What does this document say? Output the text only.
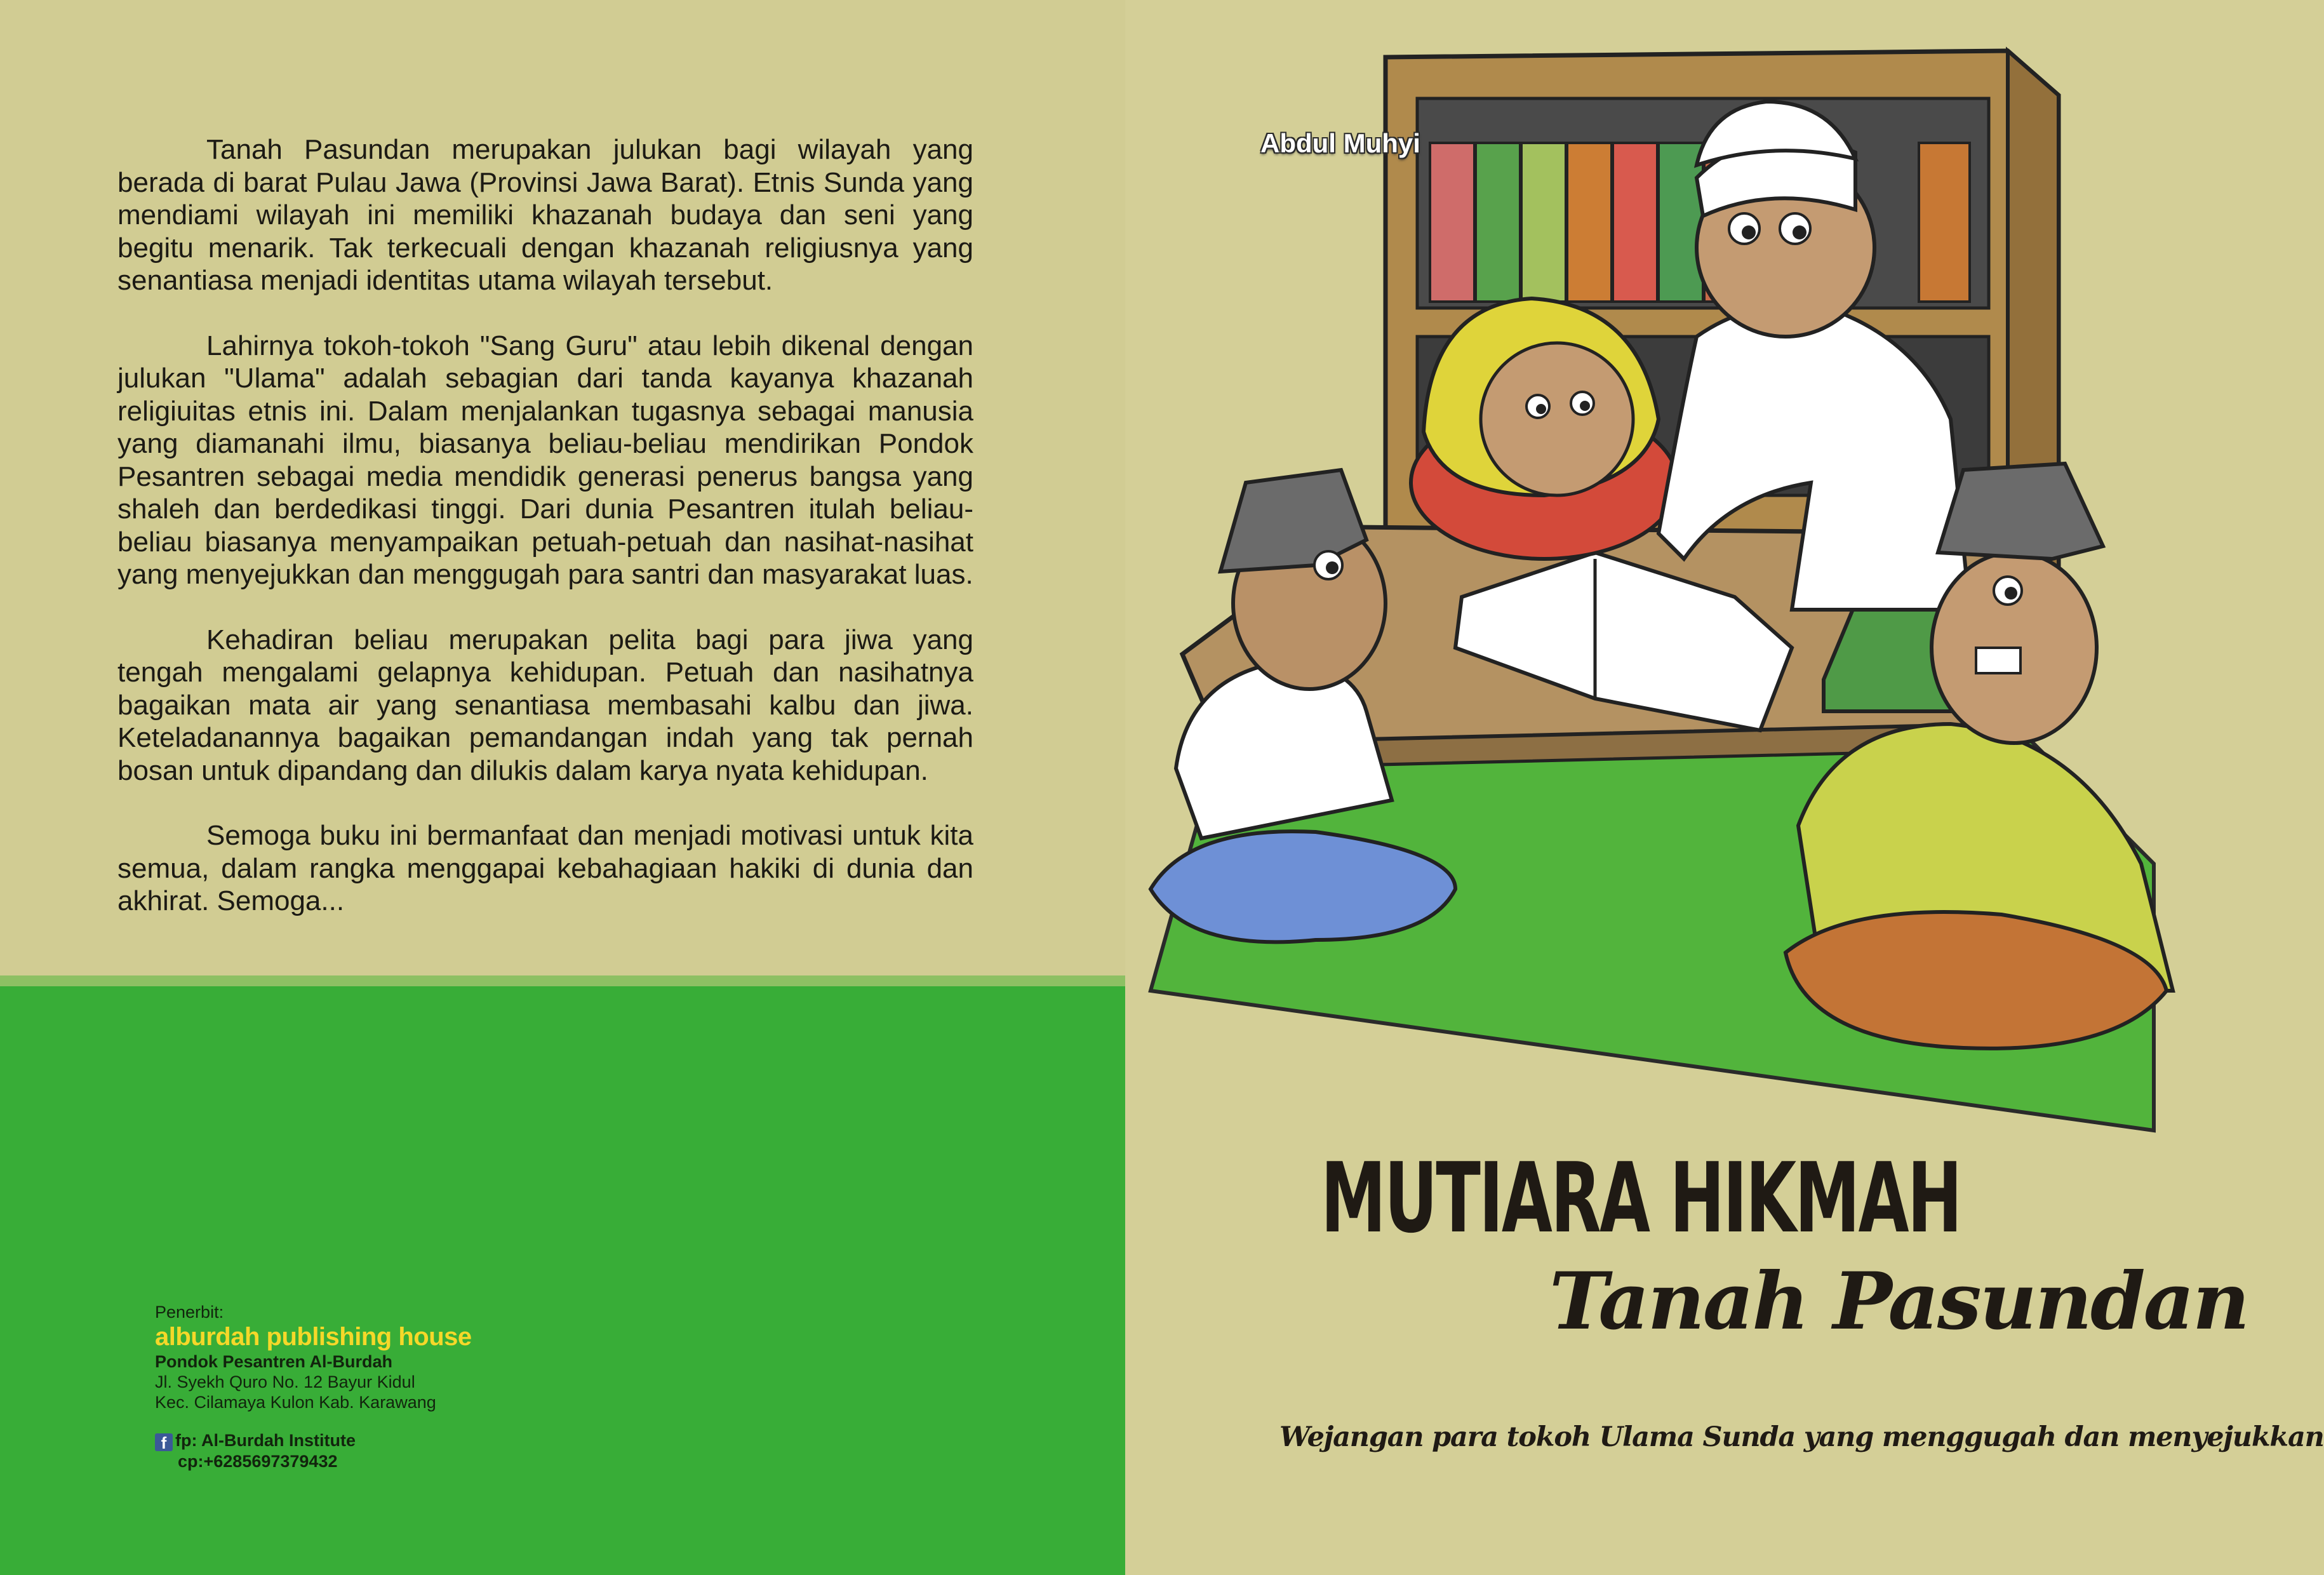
Tanah Pasundan merupakan julukan bagi wilayah yang berada di barat Pulau Jawa (Provinsi Jawa Barat). Etnis Sunda yang mendiami wilayah ini memiliki khazanah budaya dan seni yang begitu menarik. Tak terkecuali dengan khazanah religiusnya yang senantiasa menjadi identitas utama wilayah tersebut.

Lahirnya tokoh-tokoh "Sang Guru" atau lebih dikenal dengan julukan "Ulama" adalah sebagian dari tanda kayanya khazanah religiuitas etnis ini. Dalam menjalankan tugasnya sebagai manusia yang diamanahi ilmu, biasanya beliau-beliau mendirikan Pondok Pesantren sebagai media mendidik generasi penerus bangsa yang shaleh dan berdedikasi tinggi. Dari dunia Pesantren itulah beliau-beliau biasanya menyampaikan petuah-petuah dan nasihat-nasihat yang menyejukkan dan menggugah para santri dan masyarakat luas.

Kehadiran beliau merupakan pelita bagi para jiwa yang tengah mengalami gelapnya kehidupan. Petuah dan nasihatnya bagaikan mata air yang senantiasa membasahi kalbu dan jiwa. Keteladanannya bagaikan pemandangan indah yang tak pernah bosan untuk dipandang dan dilukis dalam karya nyata kehidupan.

Semoga buku ini bermanfaat dan menjadi motivasi untuk kita semua, dalam rangka menggapai kebahagiaan hakiki di dunia dan akhirat. Semoga...

Penerbit:
alburdah publishing house
Pondok Pesantren Al-Burdah
Jl. Syekh Quro No. 12 Bayur Kidul
Kec. Cilamaya Kulon Kab. Karawang
f fp: Al-Burdah Institute
cp:+6285697379432
Abdul Muhyi
MUTIARA HIKMAH
Tanah Pasundan
Wejangan para tokoh Ulama Sunda yang menggugah dan menyejukkan
